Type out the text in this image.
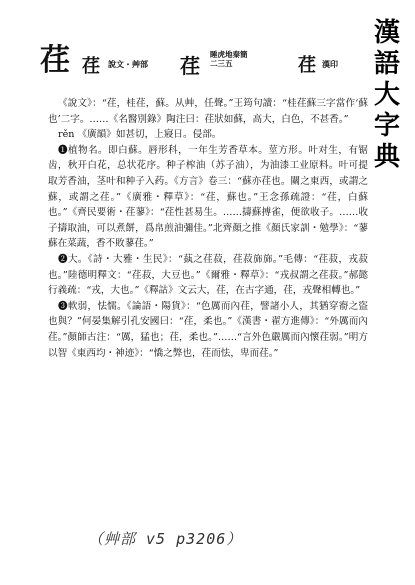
漢
語
大
字
典
荏 荏 說文・艸部 荏 睡虎地秦簡二三五	荏 漢印

《說文》：“荏，桂荏，蘇。从艸，任聲。”王筠句讀：“桂荏蘇三字當作‘蘇也’二字。……《名醫別錄》陶注曰：荏狀如蘇，高大，白色，不甚香。”

rěn 《廣韻》如甚切，上寢日。侵部。

❶植物名。即白蘇。唇形科，一年生芳香草本。莖方形。叶对生，有锯齿，秋开白花，总状花序。种子榨油（苏子油），为油漆工业原料。叶可提取芳香油，茎叶和种子入药。《方言》卷三：“蘇亦荏也。關之東西，或謂之蘇，或謂之荏。”《廣雅・釋草》：“荏，蘇也。”王念孫疏證：“荏，白蘇也。”《齊民要術・荏蓼》：“荏性甚易生。……擣蘇搏雀，便欲收子。……收子擣取油，可以煮餅，爲帛煎油彌佳。”北齊顏之推《顏氏家訓・勉學》：“蓼蘇在菜蔬，香不敗蓼荏。”

❷大。《詩・大雅・生民》：“蓺之荏菽，荏菽旆旆。”毛傳：“荏菽，戎菽也。”陸德明釋文：“荏菽，大豆也。”《爾雅・釋草》：“戎叔謂之荏菽。”郝懿行義疏：“戎，大也。”《釋詁》文云大，荏，在古字通，荏，戎聲相轉也。”

❸軟弱，怯懦。《論語・陽貨》：“色厲而內荏，譬諸小人，其猶穿窬之盜也與？”何晏集解引孔安國曰：“荏，柔也。”《漢書・翟方進傳》：“外厲而內荏。”顏師古注：“厲，猛也；荏，柔也。”……“言外色嚴厲而內懷荏弱。”明方以智《東西均・神迹》：“憍之弊也，荏而怯，卑而荏。”

（艸部 v5 p3206）
